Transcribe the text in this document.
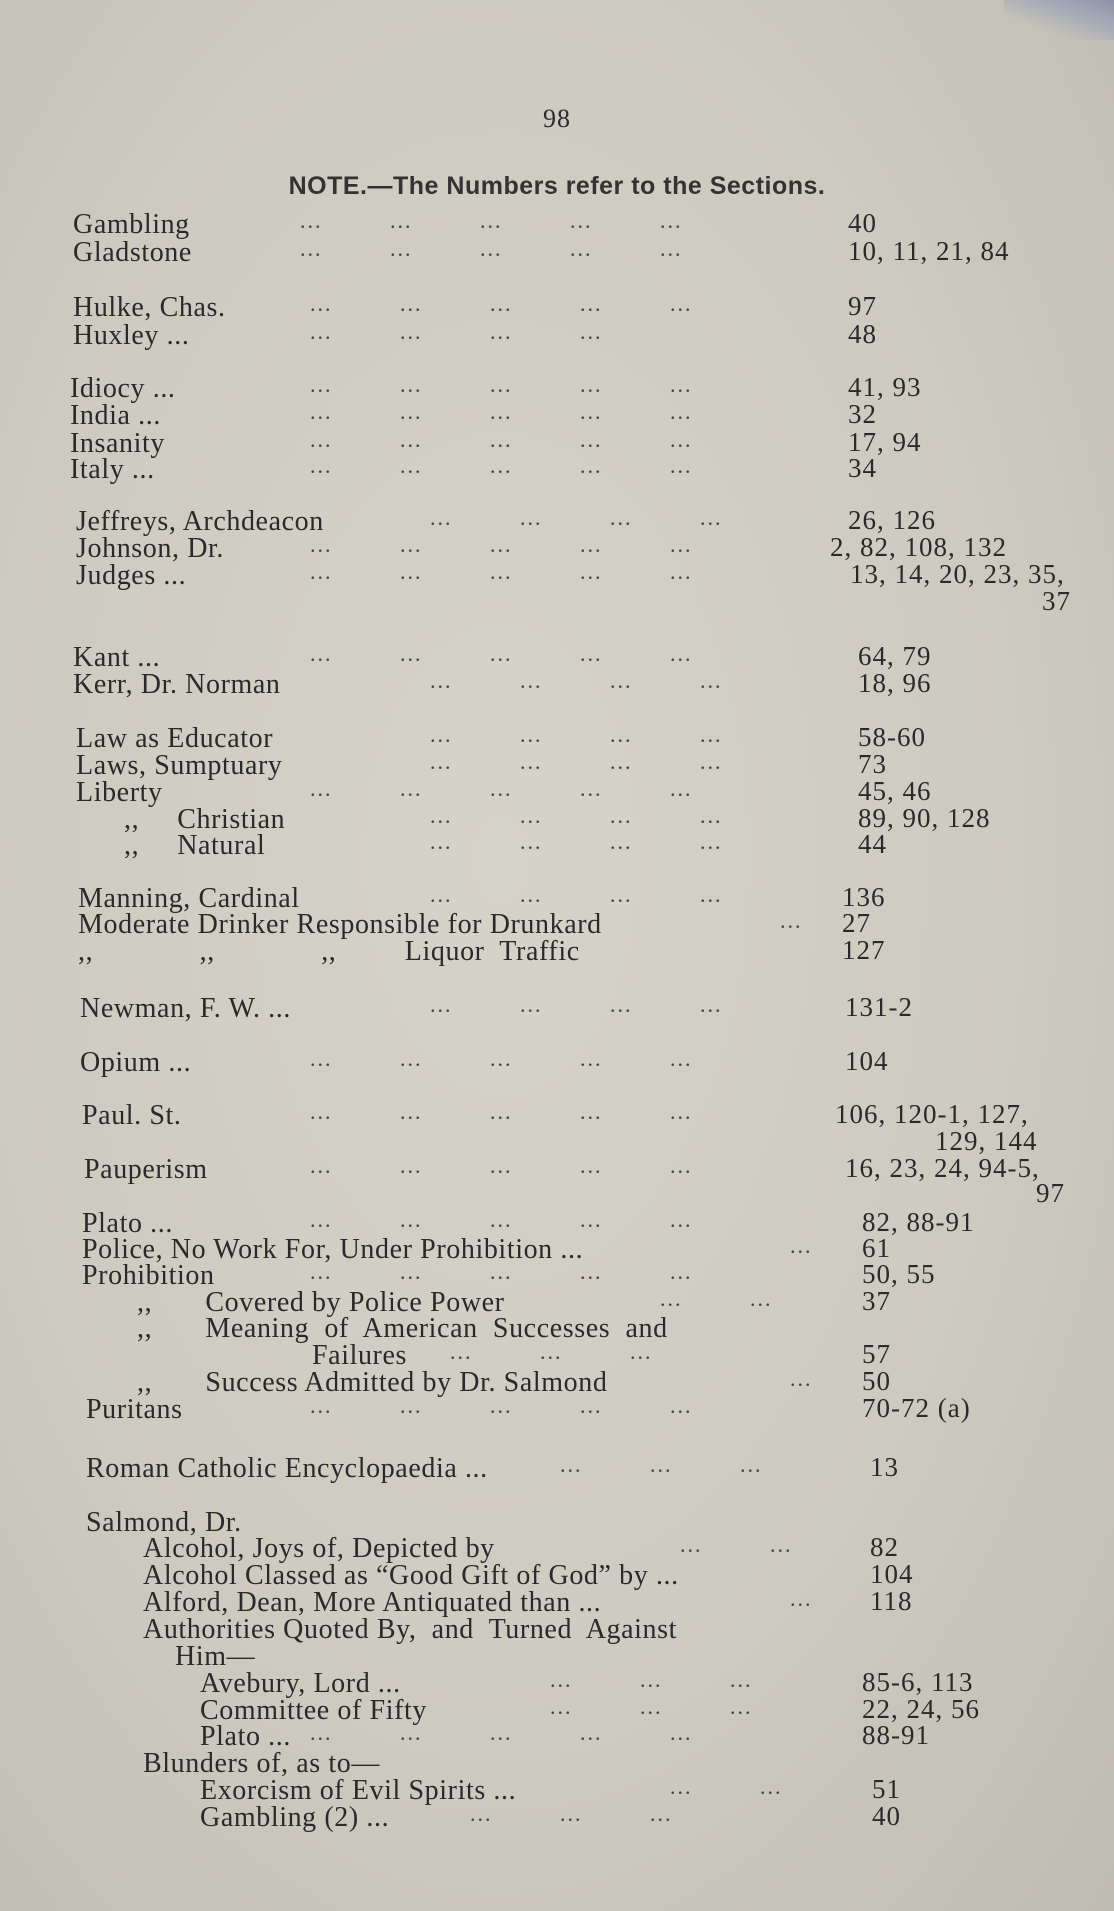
98
NOTE.—The Numbers refer to the Sections.
Gambling	...         ...         ...         ...         ...	40
Gladstone	...         ...         ...         ...         ...	10, 11, 21, 84
Hulke, Chas.	...         ...         ...         ...         ...	97
Huxley ...	...         ...         ...         ...	48
Idiocy ...	...         ...         ...         ...         ...	41, 93
India ...	...         ...         ...         ...         ...	32
Insanity	...         ...         ...         ...         ...	17, 94
Italy ...	...         ...         ...         ...         ...	34
Jeffreys, Archdeacon	...         ...         ...         ...	26, 126
Johnson, Dr.	...         ...         ...         ...         ...	2, 82, 108, 132
Judges ...	...         ...         ...         ...         ...	13, 14, 20, 23, 35,
37
Kant ...	...         ...         ...         ...         ...	64, 79
Kerr, Dr. Norman	...         ...         ...         ...	18, 96
Law as Educator	...         ...         ...         ...	58-60
Laws, Sumptuary	...         ...         ...         ...	73
Liberty	...         ...         ...         ...         ...	45, 46
,,     Christian	...         ...         ...         ...	89, 90, 128
,,     Natural	...         ...         ...         ...	44
Manning, Cardinal	...         ...         ...         ...	136
Moderate Drinker Responsible for Drunkard	... 27
,,              ,,              ,,         Liquor  Traffic	127
Newman, F. W. ...	...         ...         ...         ...	131-2
Opium ...	...         ...         ...         ...         ...	104
Paul. St.	...         ...         ...         ...         ...	106, 120-1, 127,
129, 144
Pauperism	...         ...         ...         ...         ...	16, 23, 24, 94-5,
97
Plato ...	...         ...         ...         ...         ...	82, 88-91
Police, No Work For, Under Prohibition ...	... 61
Prohibition	...         ...         ...         ...         ...	50, 55
,,       Covered by Police Power	...         ...	37
,,       Meaning  of  American  Successes  and
Failures ...         ...         ...	57
,,       Success Admitted by Dr. Salmond	... 50
Puritans	...         ...         ...         ...         ...	70-72 (a)
Roman Catholic Encyclopaedia ...	...         ...         ...	13
Salmond, Dr.
Alcohol, Joys of, Depicted by	...         ...	82
Alcohol Classed as “Good Gift of God” by ...	104
Alford, Dean, More Antiquated than ...	... 118
Authorities Quoted By,  and  Turned  Against
Him—
Avebury, Lord ...	...         ...         ...	85-6, 113
Committee of Fifty	...         ...         ...	22, 24, 56
Plato ... ...         ...         ...         ...         ...	88-91
Blunders of, as to—
Exorcism of Evil Spirits ...	...         ...	51
Gambling (2) ...	...         ...         ...	40
